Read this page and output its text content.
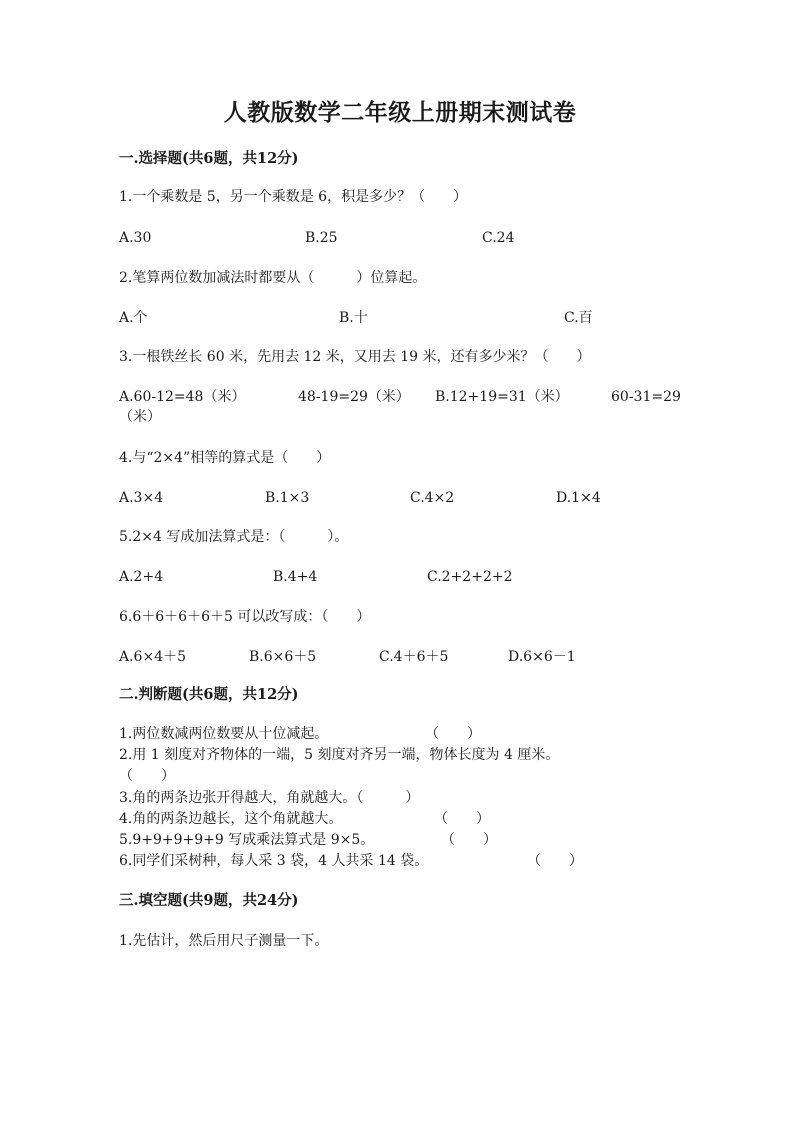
人教版数学二年级上册期末测试卷
一.选择题(共6题，共12分)
1.一个乘数是 5，另一个乘数是 6，积是多少？（　　）
A.30	B.25	C.24
2.笔算两位数加减法时都要从（　　　）位算起。
A.个	B.十	C.百
3.一根铁丝长 60 米，先用去 12 米，又用去 19 米，还有多少米？（　　）
A.60-12=48（米）	48-19=29（米） B.12+19=31（米）	60-31=29
（米）
4.与“2×4”相等的算式是（　　）
A.3×4	B.1×3	C.4×2	D.1×4
5.2×4 写成加法算式是：（　　　）。
A.2+4	B.4+4	C.2+2+2+2
6.6＋6＋6＋6＋5 可以改写成：（　　）
A.6×4＋5	B.6×6＋5	C.4＋6＋5	D.6×6－1
二.判断题(共6题，共12分)
1.两位数减两位数要从十位减起。	（　　）
2.用 1 刻度对齐物体的一端，5 刻度对齐另一端，物体长度为 4 厘米。
（　　）
3.角的两条边张开得越大，角就越大。（　　　）
4.角的两条边越长，这个角就越大。	（　　）
5.9+9+9+9+9 写成乘法算式是 9×5。	（　　）
6.同学们采树种，每人采 3 袋，4 人共采 14 袋。	（　　）
三.填空题(共9题，共24分)
1.先估计，然后用尺子测量一下。
